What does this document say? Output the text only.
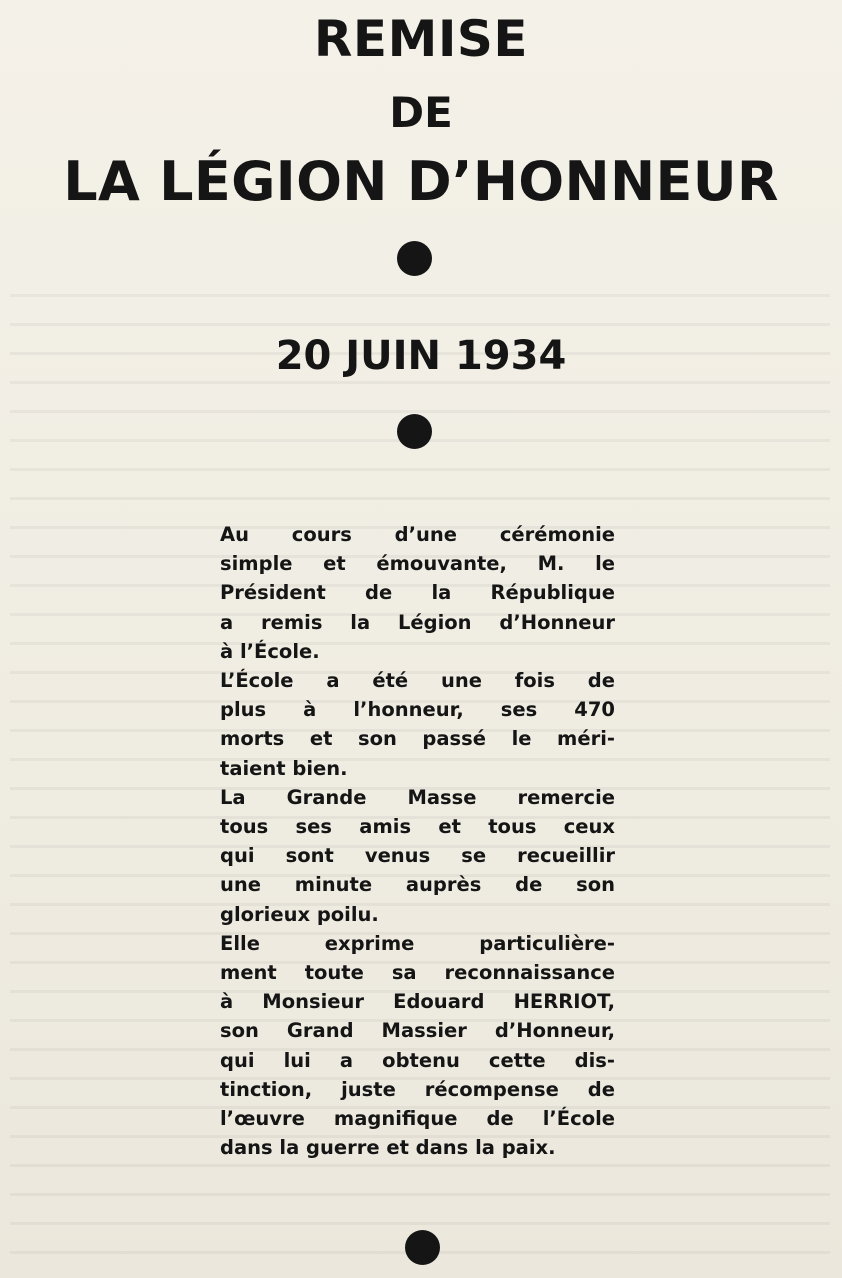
REMISE
DE
LA LÉGION D’HONNEUR
20 JUIN 1934

Au cours d’une cérémonie
simple et émouvante, M. le
Président de la République
a remis la Légion d’Honneur
à l’École.

L’École a été une fois de
plus à l’honneur, ses 470
morts et son passé le méri-
taient bien.

La Grande Masse remercie
tous ses amis et tous ceux
qui sont venus se recueillir
une minute auprès de son
glorieux poilu.

Elle exprime particulière-
ment toute sa reconnaissance
à Monsieur Edouard HERRIOT,
son Grand Massier d’Honneur,
qui lui a obtenu cette dis-
tinction, juste récompense de
l’œuvre magnifique de l’École
dans la guerre et dans la paix.
